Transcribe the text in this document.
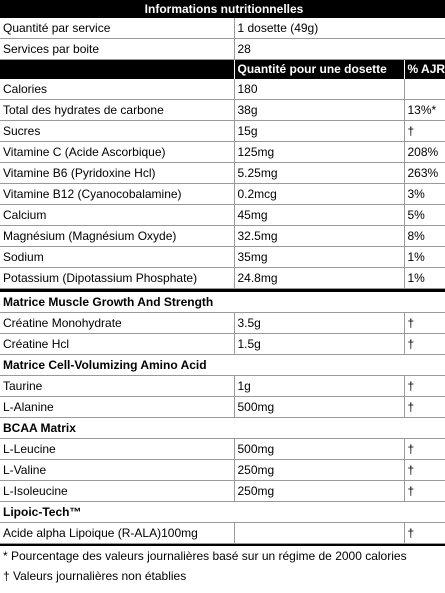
Informations nutritionnelles		
Quantité par service	1 dosette (49g)	
Services par boite	28	
	Quantité pour une dosette	% AJR
Calories	180	
Total des hydrates de carbone	38g	13%*
Sucres	15g	†
Vitamine C (Acide Ascorbique)	125mg	208%
Vitamine B6 (Pyridoxine Hcl)	5.25mg	263%
Vitamine B12 (Cyanocobalamine)	0.2mcg	3%
Calcium	45mg	5%
Magnésium (Magnésium Oxyde)	32.5mg	8%
Sodium	35mg	1%
Potassium (Dipotassium Phosphate)	24.8mg	1%

Matrice Muscle Growth And Strength		
Créatine Monohydrate	3.5g	†
Créatine Hcl	1.5g	†
Matrice Cell-Volumizing Amino Acid		
Taurine	1g	†
L-Alanine	500mg	†
BCAA Matrix		
L-Leucine	500mg	†
L-Valine	250mg	†
L-Isoleucine	250mg	†
Lipoic-Tech™		
Acide alpha Lipoique (R-ALA)100mg		†
* Pourcentage des valeurs journalières basé sur un régime de 2000 calories
† Valeurs journalières non établies
